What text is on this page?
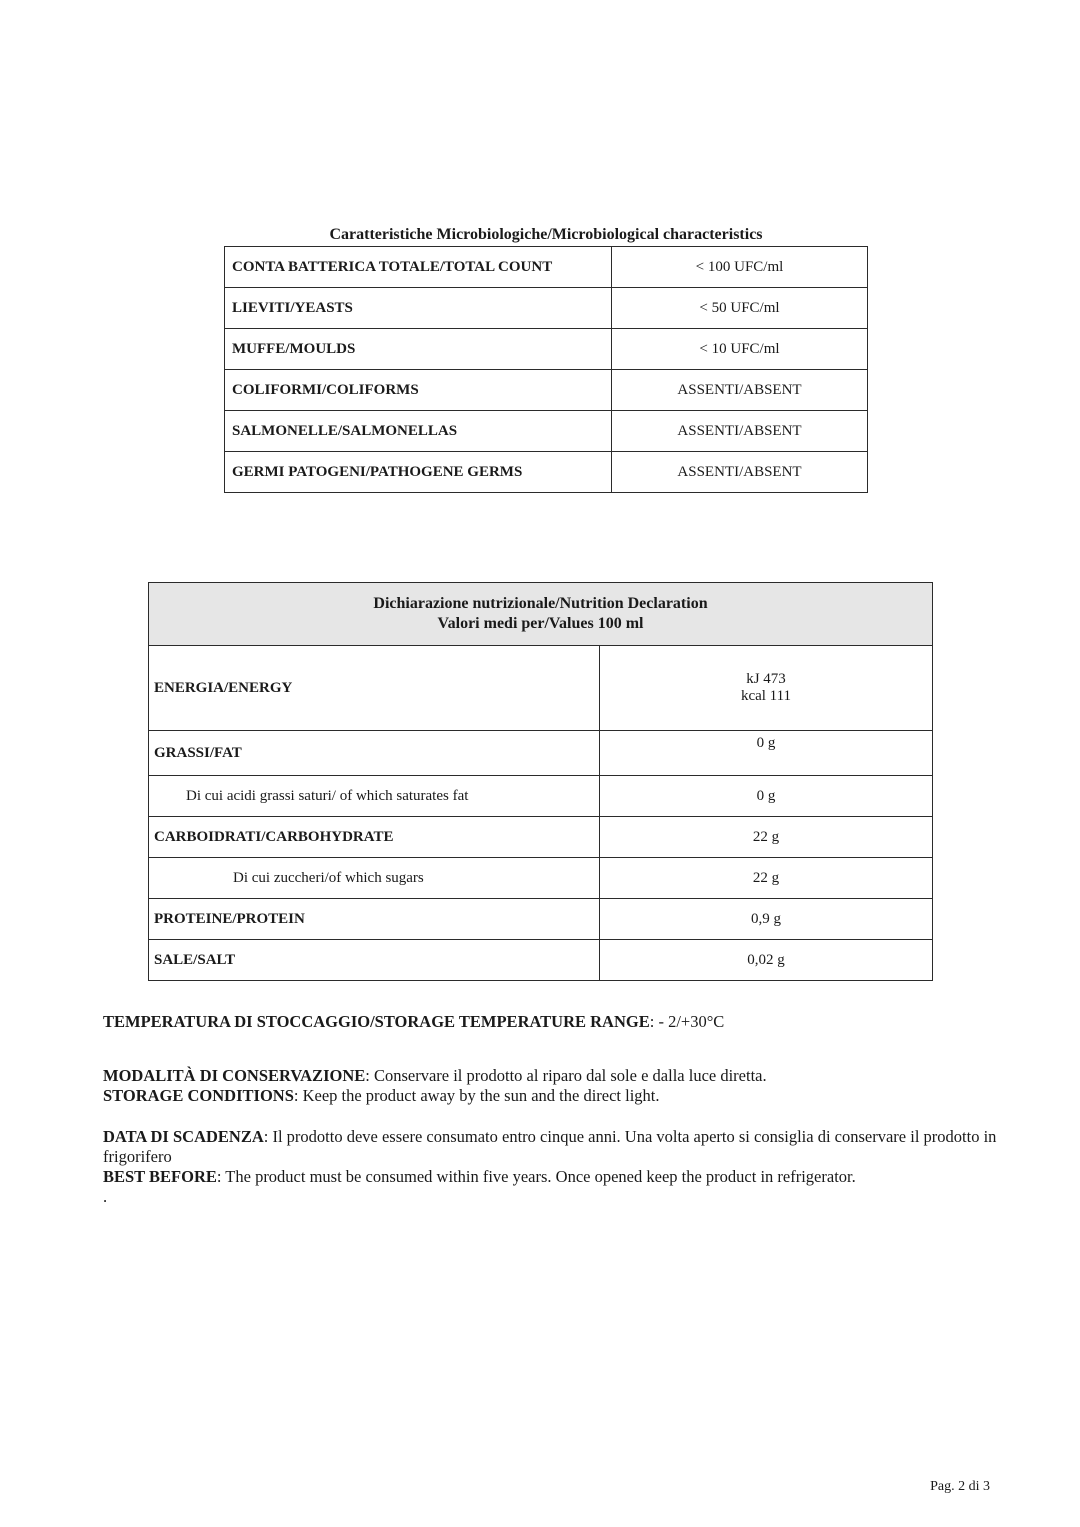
Caratteristiche Microbiologiche/Microbiological characteristics
CONTA BATTERICA TOTALE/TOTAL COUNT	< 100 UFC/ml
LIEVITI/YEASTS	< 50 UFC/ml
MUFFE/MOULDS	< 10 UFC/ml
COLIFORMI/COLIFORMS	ASSENTI/ABSENT
SALMONELLE/SALMONELLAS	ASSENTI/ABSENT
GERMI PATOGENI/PATHOGENE GERMS	ASSENTI/ABSENT
Dichiarazione nutrizionale/Nutrition Declaration
Valori medi per/Values 100 ml	

ENERGIA/ENERGY	kJ 473
kcal 111

GRASSI/FAT	0 g
Di cui acidi grassi saturi/ of which saturates fat	0 g
CARBOIDRATI/CARBOHYDRATE	22 g
Di cui zuccheri/of which sugars	22 g
PROTEINE/PROTEIN	0,9 g
SALE/SALT	0,02 g
TEMPERATURA DI STOCCAGGIO/STORAGE TEMPERATURE RANGE: - 2/+30°C
MODALITÀ DI CONSERVAZIONE: Conservare il prodotto al riparo dal sole e dalla luce diretta.
STORAGE CONDITIONS: Keep the product away by the sun and the direct light.
DATA DI SCADENZA: Il prodotto deve essere consumato entro cinque anni. Una volta aperto si consiglia di conservare il prodotto in frigorifero
BEST BEFORE: The product must be consumed within five years. Once opened keep the product in refrigerator.
.
Pag. 2 di 3
